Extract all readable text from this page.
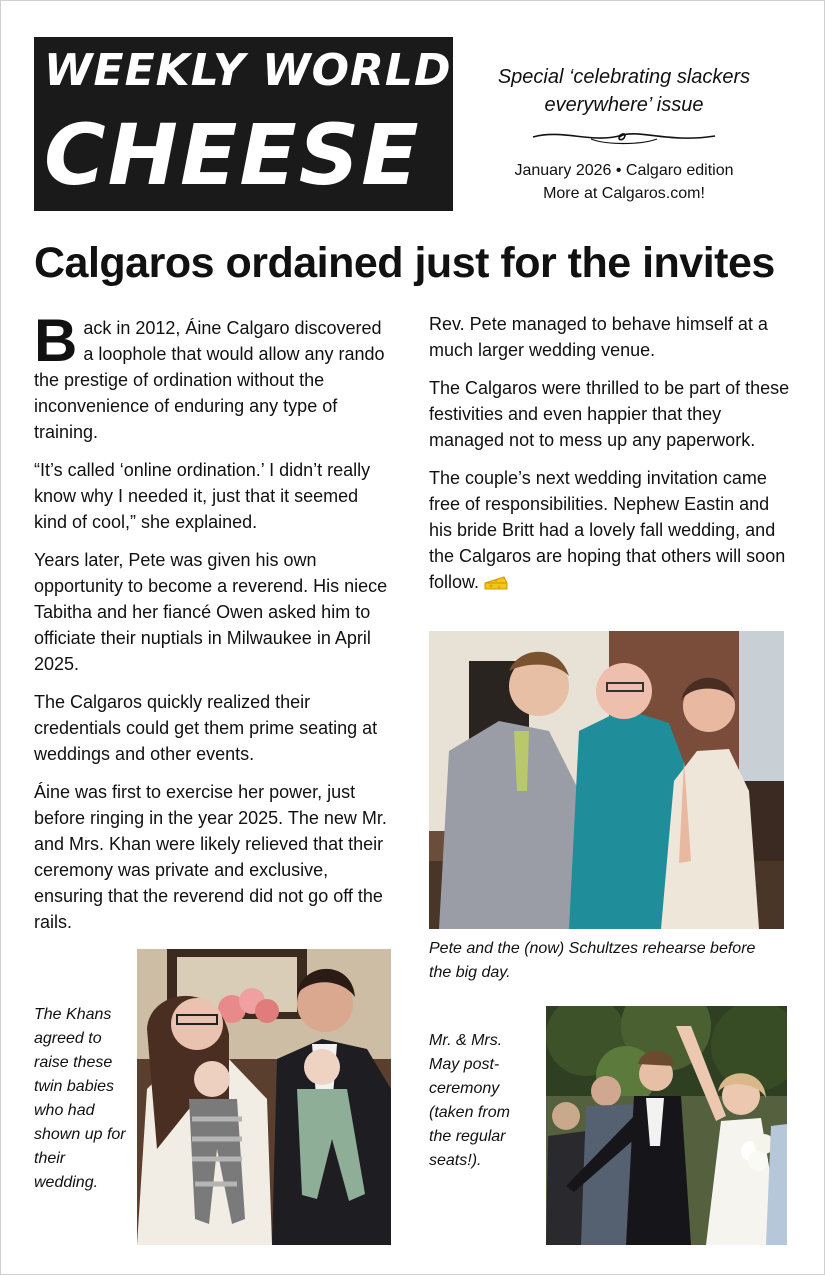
WEEKLY WORLD
CHEESE
Special ‘celebrating slackers everywhere’ issue
January 2026 • Calgaro edition
More at Calgaros.com!
Calgaros ordained just for the invites

Back in 2012, Áine Calgaro discovered a loophole that would allow any rando the prestige of ordination without the inconvenience of enduring any type of training.

“It’s called ‘online ordination.’ I didn’t really know why I needed it, just that it seemed kind of cool,” she explained.

Years later, Pete was given his own opportunity to become a reverend. His niece Tabitha and her fiancé Owen asked him to officiate their nuptials in Milwaukee in April 2025.

The Calgaros quickly realized their credentials could get them prime seating at weddings and other events.

Áine was first to exercise her power, just before ringing in the year 2025. The new Mr. and Mrs. Khan were likely relieved that their ceremony was private and exclusive, ensuring that the reverend did not go off the rails.

Rev. Pete managed to behave himself at a much larger wedding venue.

The Calgaros were thrilled to be part of these festivities and even happier that they managed not to mess up any paperwork.

The couple’s next wedding invitation came free of responsibilities. Nephew Eastin and his bride Britt had a lovely fall wedding, and the Calgaros are hoping that others will soon follow.

Pete and the (now) Schultzes rehearse before the big day.
The Khans agreed to raise these twin babies who had shown up for their wedding.
Mr. & Mrs. May post-ceremony (taken from the regular seats!).
